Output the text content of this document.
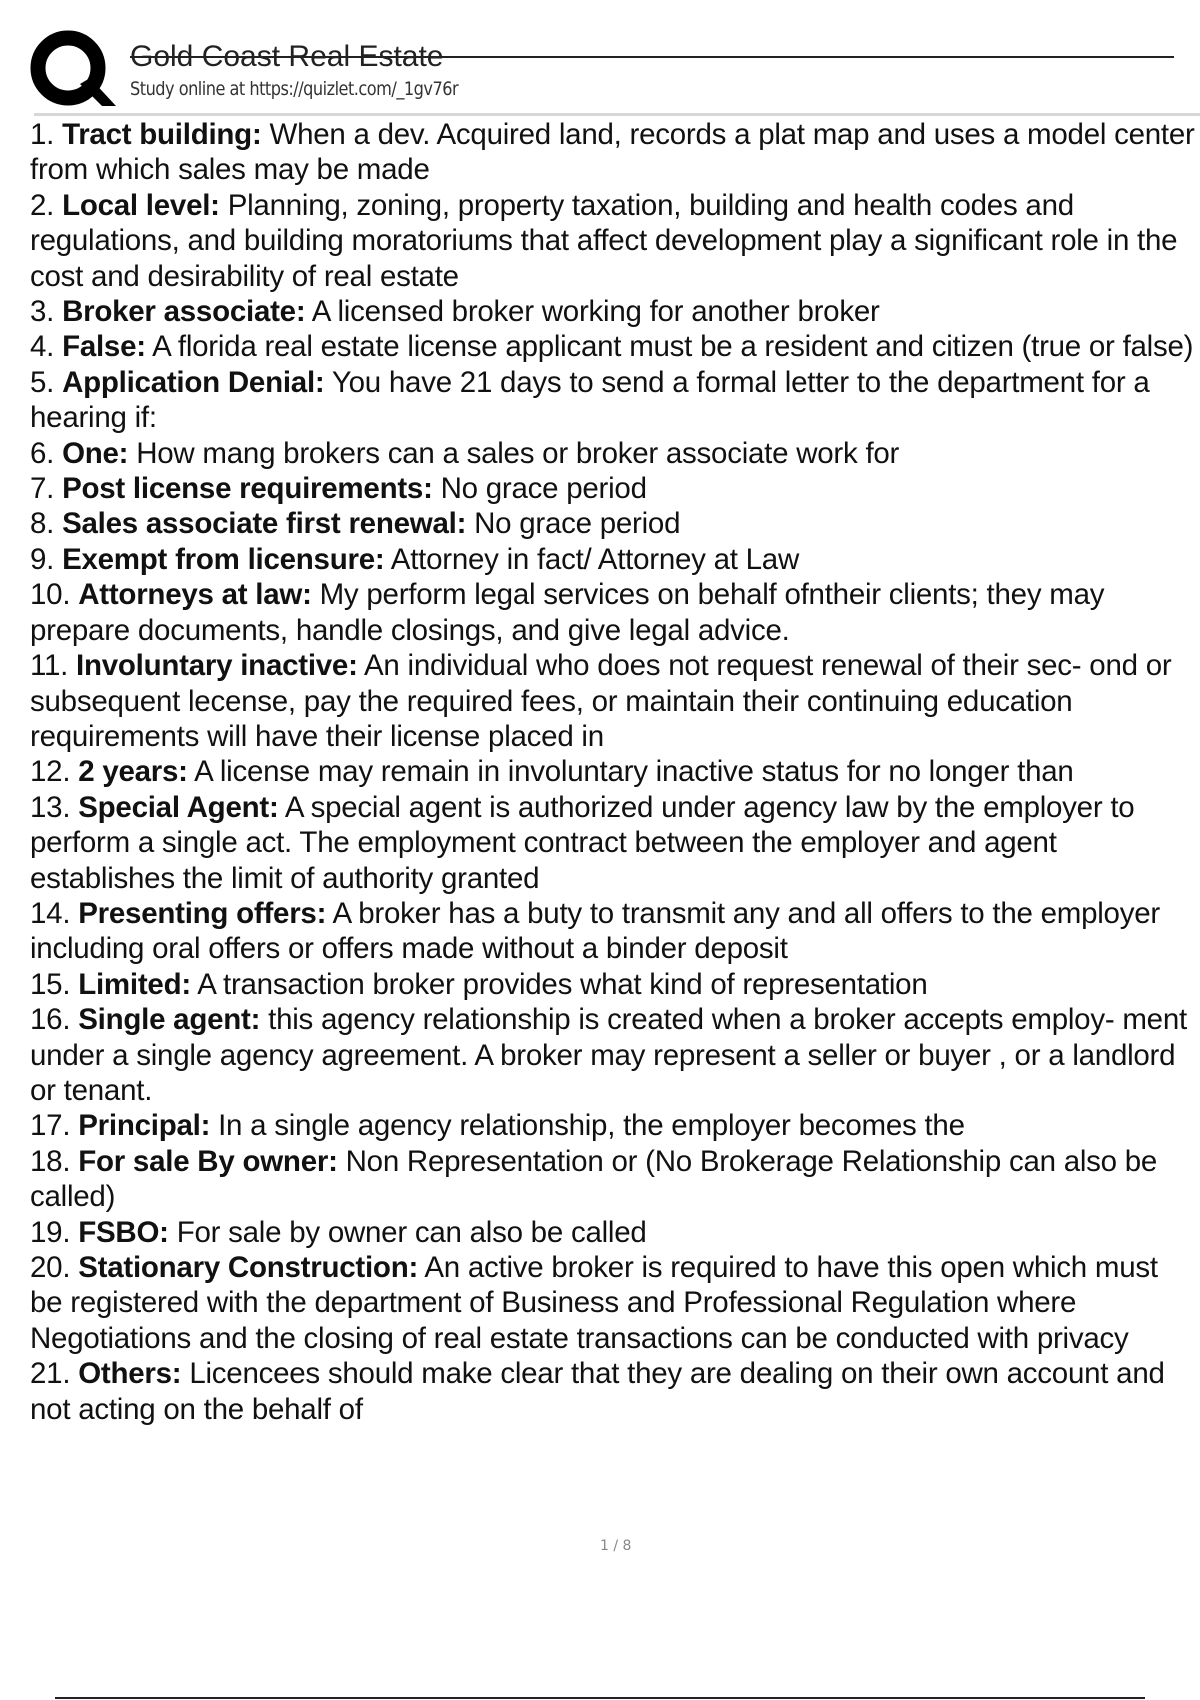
Gold Coast Real Estate
Study online at https://quizlet.com/_1gv76r

1. Tract building: When a dev. Acquired land, records a plat map and uses a model center from which sales may be made

2. Local level: Planning, zoning, property taxation, building and health codes and regulations, and building moratoriums that affect development play a significant role in the cost and desirability of real estate

3. Broker associate: A licensed broker working for another broker

4. False: A florida real estate license applicant must be a resident and citizen (true or false)

5. Application Denial: You have 21 days to send a formal letter to the department for a hearing if:

6. One: How mang brokers can a sales or broker associate work for

7. Post license requirements: No grace period

8. Sales associate first renewal: No grace period

9. Exempt from licensure: Attorney in fact/ Attorney at Law

10. Attorneys at law: My perform legal services on behalf ofntheir clients; they may prepare documents, handle closings, and give legal advice.

11. Involuntary inactive: An individual who does not request renewal of their sec- ond or subsequent lecense, pay the required fees, or maintain their continuing education requirements will have their license placed in

12. 2 years: A license may remain in involuntary inactive status for no longer than

13. Special Agent: A special agent is authorized under agency law by the employer to perform a single act. The employment contract between the employer and agent establishes the limit of authority granted

14. Presenting offers: A broker has a buty to transmit any and all offers to the employer including oral offers or offers made without a binder deposit

15. Limited: A transaction broker provides what kind of representation

16. Single agent: this agency relationship is created when a broker accepts employ- ment under a single agency agreement. A broker may represent a seller or buyer , or a landlord or tenant.

17. Principal: In a single agency relationship, the employer becomes the

18. For sale By owner: Non Representation or (No Brokerage Relationship can also be called)

19. FSBO: For sale by owner can also be called

20. Stationary Construction: An active broker is required to have this open which must be registered with the department of Business and Professional Regulation where Negotiations and the closing of real estate transactions can be conducted with privacy

21. Others: Licencees should make clear that they are dealing on their own account and not acting on the behalf of

1 / 8
